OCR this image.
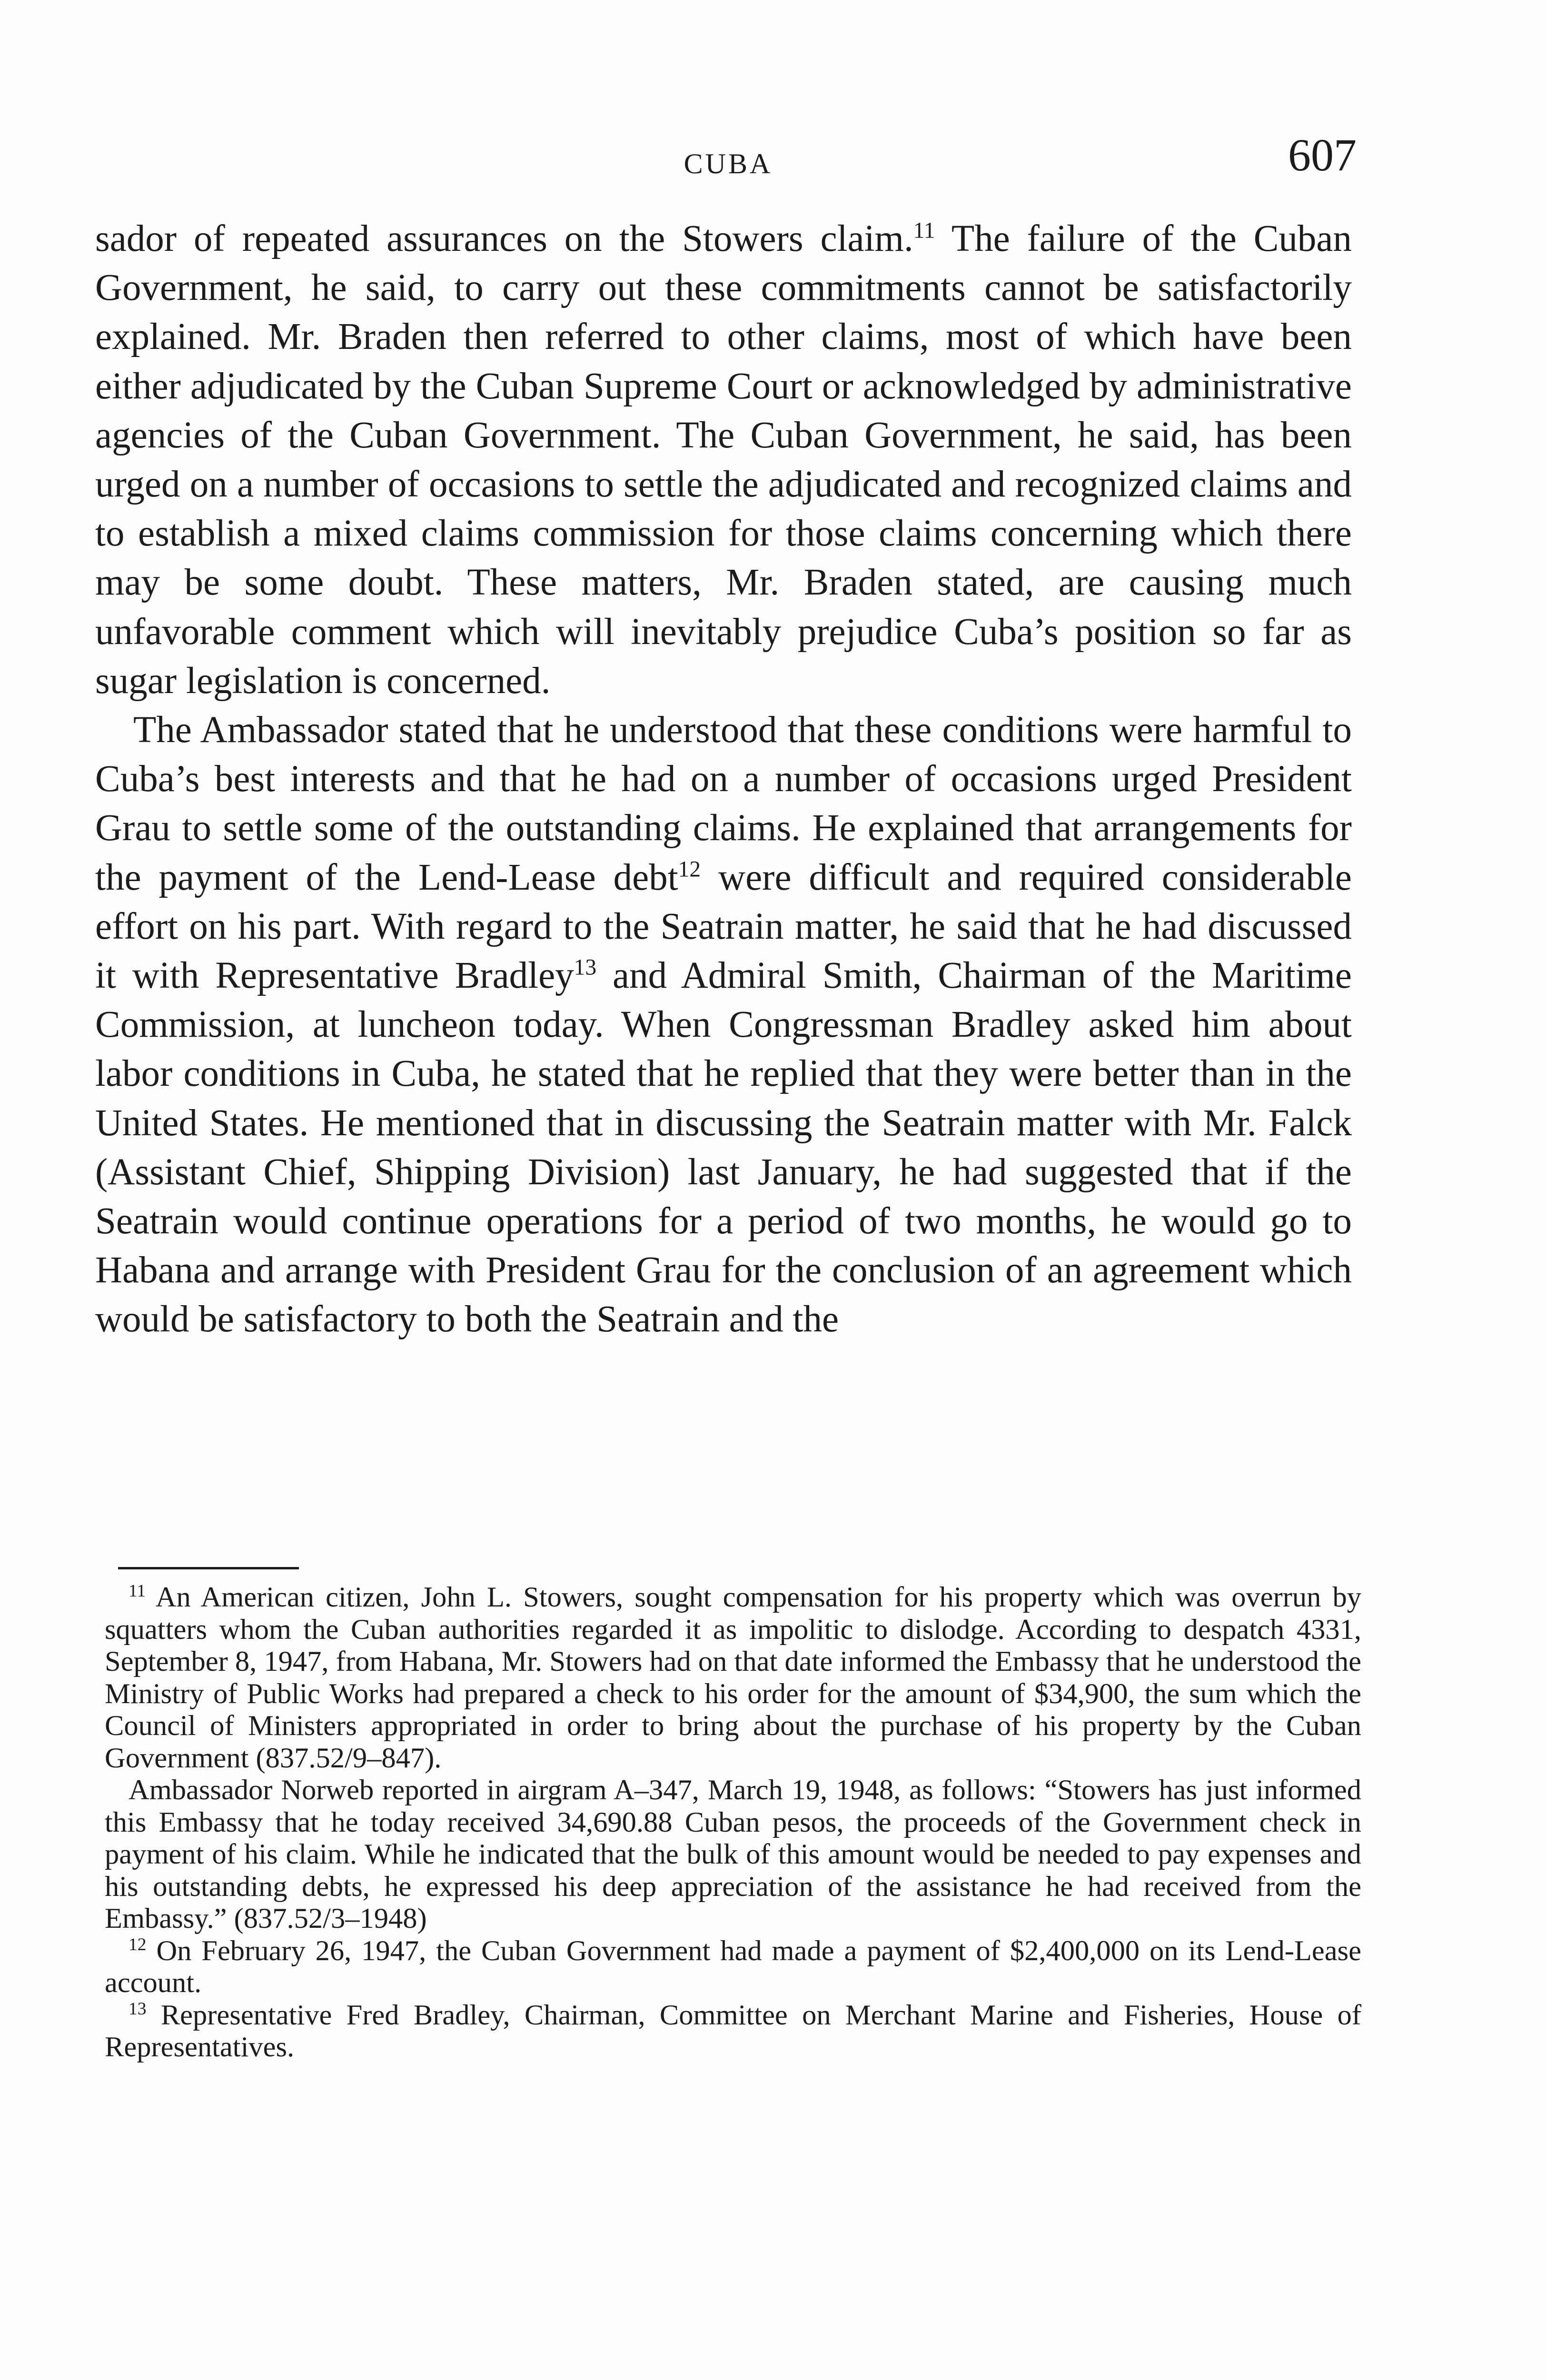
CUBA	607

sador of repeated assurances on the Stowers claim.$^{11}$ The failure of the Cuban Government, he said, to carry out these commitments cannot be satisfactorily explained. Mr. Braden then referred to other claims, most of which have been either adjudicated by the Cuban Supreme Court or acknowledged by administrative agencies of the Cuban Government. The Cuban Government, he said, has been urged on a number of occasions to settle the adjudicated and recognized claims and to establish a mixed claims commission for those claims concerning which there may be some doubt. These matters, Mr. Braden stated, are causing much unfavorable comment which will inevitably prejudice Cuba’s position so far as sugar legislation is concerned.

The Ambassador stated that he understood that these conditions were harmful to Cuba’s best interests and that he had on a number of occasions urged President Grau to settle some of the outstanding claims. He explained that arrangements for the payment of the Lend-Lease debt$^{12}$ were difficult and required considerable effort on his part. With regard to the Seatrain matter, he said that he had discussed it with Representative Bradley$^{13}$ and Admiral Smith, Chairman of the Maritime Commission, at luncheon today. When Congressman Bradley asked him about labor conditions in Cuba, he stated that he replied that they were better than in the United States. He mentioned that in discussing the Seatrain matter with Mr. Falck (Assistant Chief, Shipping Division) last January, he had suggested that if the Seatrain would continue operations for a period of two months, he would go to Habana and arrange with President Grau for the conclusion of an agreement which would be satisfactory to both the Seatrain and the

$^{11}$ An American citizen, John L. Stowers, sought compensation for his property which was overrun by squatters whom the Cuban authorities regarded it as impolitic to dislodge. According to despatch 4331, September 8, 1947, from Habana, Mr. Stowers had on that date informed the Embassy that he understood the Ministry of Public Works had prepared a check to his order for the amount of $34,900, the sum which the Council of Ministers appropriated in order to bring about the purchase of his property by the Cuban Government (837.52/9–847).

Ambassador Norweb reported in airgram A–347, March 19, 1948, as follows: “Stowers has just informed this Embassy that he today received 34,690.88 Cuban pesos, the proceeds of the Government check in payment of his claim. While he indicated that the bulk of this amount would be needed to pay expenses and his outstanding debts, he expressed his deep appreciation of the assistance he had received from the Embassy.” (837.52/3–1948)

$^{12}$ On February 26, 1947, the Cuban Government had made a payment of $2,400,000 on its Lend-Lease account.

$^{13}$ Representative Fred Bradley, Chairman, Committee on Merchant Marine and Fisheries, House of Representatives.
